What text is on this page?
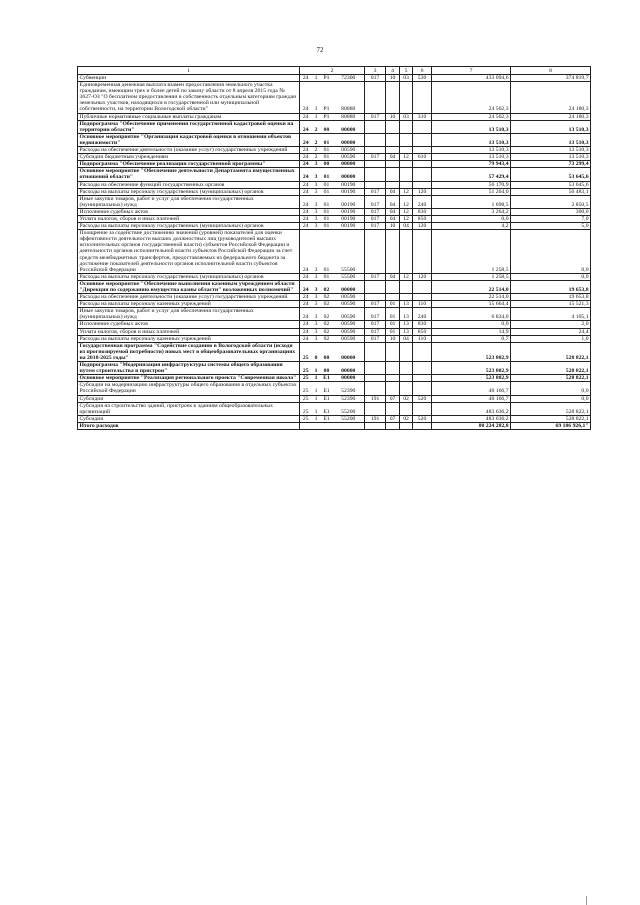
72
1	2				3	4	5	6	7	8
Субвенции	24	1	P1	72300	017	10	03	530	433 094,6	374 819,7
Единовременная денежная выплата взамен предоставления земельного участка гражданам, имеющим трех и более детей по закону области от 8 апреля 2015 года № 3627-ОЗ "О бесплатном предоставлении в собственность отдельным категориям граждан земельных участков, находящихся в государственной или муниципальной собственности, на территории Вологодской области"	24	1	P1	80880					24 562,3	24 180,3
Публичные нормативные социальные выплаты гражданам	24	1	P1	80880	017	10	03	310	24 562,3	24 180,3
Подпрограмма "Обеспечение применения государственной кадастровой оценки на территории области"	24	2	00	00000					13 510,3	13 510,3
Основное мероприятие "Организация кадастровой оценки в отношении объектов недвижимости"	24	2	01	00000					13 510,3	13 510,3
Расходы на обеспечение деятельности (оказание услуг) государственных учреждений	24	2	01	00590					13 510,3	13 510,3
Субсидии бюджетным учреждениям	24	2	01	00590	017	04	12	610	13 510,3	13 510,3
Подпрограмма "Обеспечение реализации государственной программы"	24	3	00	00000					79 943,4	73 299,4
Основное мероприятие "Обеспечение деятельности Департамента имущественных отношений области"	24	3	01	00000					57 429,4	53 645,6
Расходы на обеспечение функций государственных органов	24	3	01	00190					56 170,9	53 645,6
Расходы на выплаты персоналу государственных (муниципальных) органов	24	3	01	00190	017	04	12	120	51 204,0	50 483,1
Иные закупки товаров, работ и услуг для обеспечения государственных (муниципальных) нужд	24	3	01	00190	017	04	12	240	1 698,5	2 850,5
Исполнение судебных актов	24	3	01	00190	017	04	12	830	3 264,2	300,0
Уплата налогов, сборов и иных платежей	24	3	01	00190	017	04	12	850	0,0	7,0
Расходы на выплаты персоналу государственных (муниципальных) органов	24	3	01	00190	017	10	04	120	4,2	5,0
Поощрение за содействие достижению значений (уровней) показателей для оценки эффективности деятельности высших должностных лиц (руководителей высших исполнительных органов государственной власти) субъектов Российской Федерации и деятельности органов исполнительной власти субъектов Российской Федерации за счет средств межбюджетных трансфертов, предоставляемых из федерального бюджета за достижение показателей деятельности органов исполнительной власти субъектов Российской Федерации	24	3	01	55500					1 258,5	0,0
Расходы на выплаты персоналу государственных (муниципальных) органов	24	3	01	55500	017	04	12	120	1 258,5	0,0
Основное мероприятие "Обеспечение выполнения казенным учреждением области "Дирекция по содержанию имущества казны области" возложенных полномочий"	24	3	02	00000					22 514,0	19 653,8
Расходы на обеспечение деятельности (оказание услуг) государственных учреждений	24	3	02	00590					22 514,0	19 653,8
Расходы на выплаты персоналу казенных учреждений	24	3	02	00590	017	01	13	110	15 664,4	15 521,3
Иные закупки товаров, работ и услуг для обеспечения государственных (муниципальных) нужд	24	3	02	00590	017	01	13	240	6 834,0	4 105,1
Исполнение судебных актов	24	3	02	00590	017	01	13	830	0,0	2,0
Уплата налогов, сборов и иных платежей	24	3	02	00590	017	01	13	850	14,9	24,4
Расходы на выплаты персоналу казенных учреждений	24	3	02	00590	017	10	04	110	0,7	1,0
Государственная программа "Содействие созданию в Вологодской области (исходя из прогнозируемой потребности) новых мест в общеобразовательных организациях на 2018-2025 годы"	25	0	00	00000					523 802,9	528 822,1
Подпрограмма "Модернизация инфраструктуры системы общего образования путем строительства и пристрои"	25	1	00	00000					523 802,9	528 822,1
Основное мероприятие "Реализация регионального проекта "Современная школа"	25	1	E1	00000					523 802,9	528 822,1
Субсидии на модернизацию инфраструктуры общего образования в отдельных субъектах Российской Федерации	25	1	E1	52390					40 166,7	0,0
Субсидии	25	1	E1	52390	191	07	02	520	40 166,7	0,0
Субсидия на строительство зданий, пристроек к зданиям общеобразовательных организаций	25	1	E1	55200					483 636,2	528 822,1
Субсидии	25	1	E1	55200	191	07	02	520	483 636,2	528 822,1
Итого расходов									80 224 282,8	69 106 926,1"
